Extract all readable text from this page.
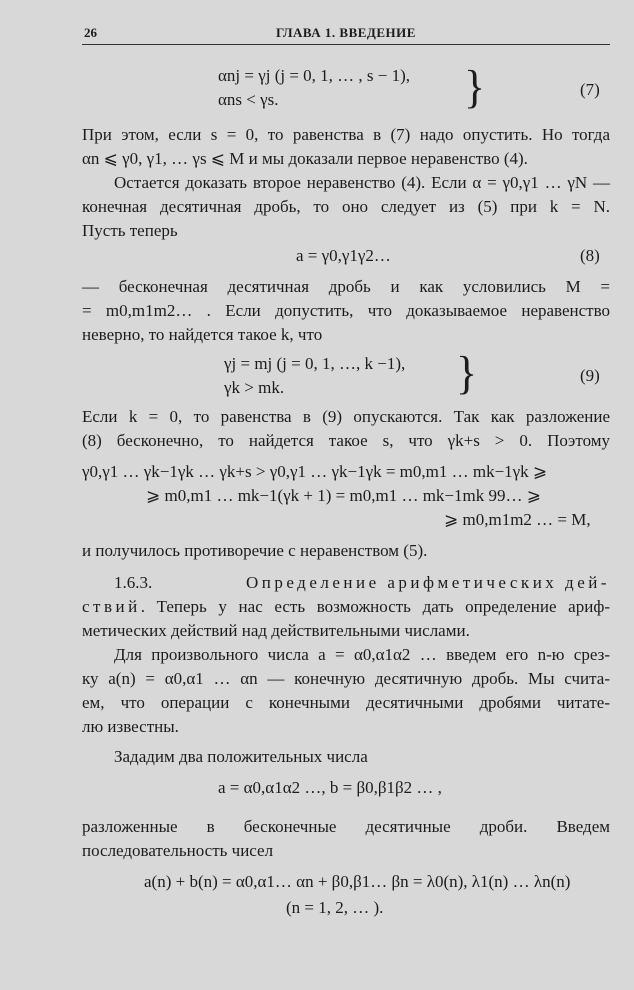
26	ГЛАВА 1. ВВЕДЕНИЕ
αnj = γj (j = 0, 1, … , s − 1),
αns < γs.	}	(7)
При этом, если s = 0, то равенства в (7) надо опустить. Но тогда
αn ⩽ γ0, γ1, … γs ⩽ M и мы доказали первое неравенство (4).
Остается доказать второе неравенство (4). Если α = γ0,γ1 … γN —
конечная десятичная дробь, то оно следует из (5) при k = N.
Пусть теперь
a = γ0,γ1γ2…	(8)
— бесконечная десятичная дробь и как условились M =
= m0,m1m2… . Если допустить, что доказываемое неравенство
неверно, то найдется такое k, что
γj = mj (j = 0, 1, …, k −1),
γk > mk.	}	(9)
Если k = 0, то равенства в (9) опускаются. Так как разложение
(8) бесконечно, то найдется такое s, что γk+s > 0. Поэтому
γ0,γ1 … γk−1γk … γk+s > γ0,γ1 … γk−1γk = m0,m1 … mk−1γk ⩾
⩾ m0,m1 … mk−1(γk + 1) = m0,m1 … mk−1mk 99… ⩾
⩾ m0,m1m2 … = M,
и получилось противоречие с неравенством (5).
1.6.3.	Определение арифметических дей-
ствий . Теперь у нас есть возможность дать определение ариф-
метических действий над действительными числами.
Для произвольного числа a = α0,α1α2 … введем его n-ю срез-
ку a(n) = α0,α1 … αn — конечную десятичную дробь. Мы счита-
ем, что операции с конечными десятичными дробями читате-
лю известны.
Зададим два положительных числа
a = α0,α1α2 …, b = β0,β1β2 … ,
разложенные в бесконечные десятичные дроби. Введем
последовательность чисел
a(n) + b(n) = α0,α1… αn + β0,β1… βn = λ0(n), λ1(n) … λn(n)
(n = 1, 2, … ).
